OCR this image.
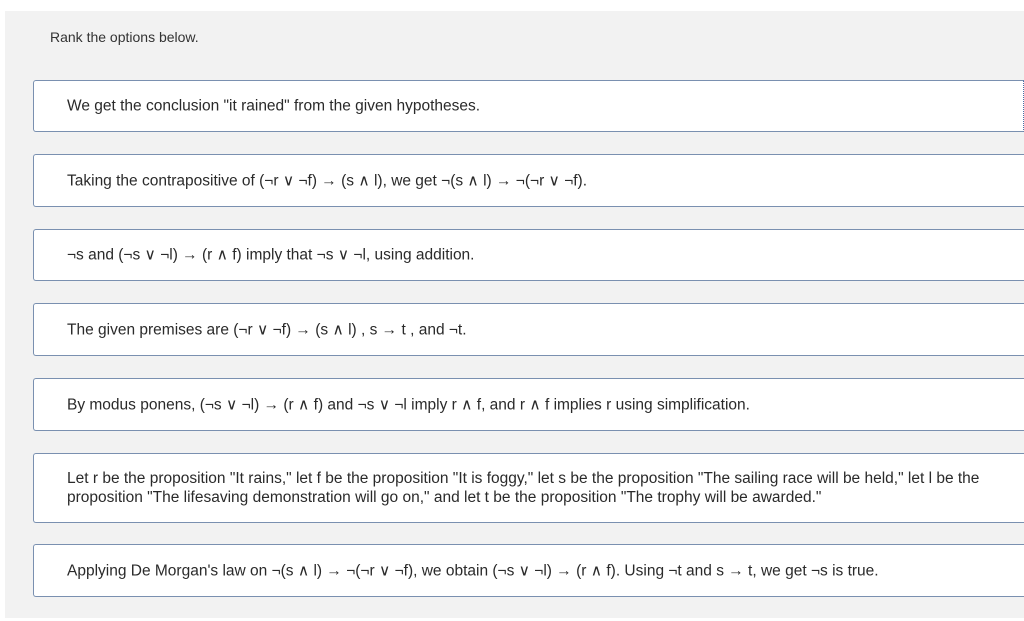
Rank the options below.

We get the conclusion "it rained" from the given hypotheses.

Taking the contrapositive of (¬r ∨ ¬f) → (s ∧ l), we get ¬(s ∧ l) → ¬(¬r ∨ ¬f).

¬s and (¬s ∨ ¬l) → (r ∧ f) imply that ¬s ∨ ¬l, using addition.

The given premises are (¬r ∨ ¬f) → (s ∧ l) , s → t , and ¬t.

By modus ponens, (¬s ∨ ¬l) → (r ∧ f) and ¬s ∨ ¬l imply r ∧ f, and r ∧ f implies r using simplification.

Let r be the proposition "It rains," let f be the proposition "It is foggy," let s be the proposition "The sailing race will be held," let l be the proposition "The lifesaving demonstration will go on," and let t be the proposition "The trophy will be awarded."

Applying De Morgan's law on ¬(s ∧ l) → ¬(¬r ∨ ¬f), we obtain (¬s ∨ ¬l) → (r ∧ f). Using ¬t and s → t, we get ¬s is true.
